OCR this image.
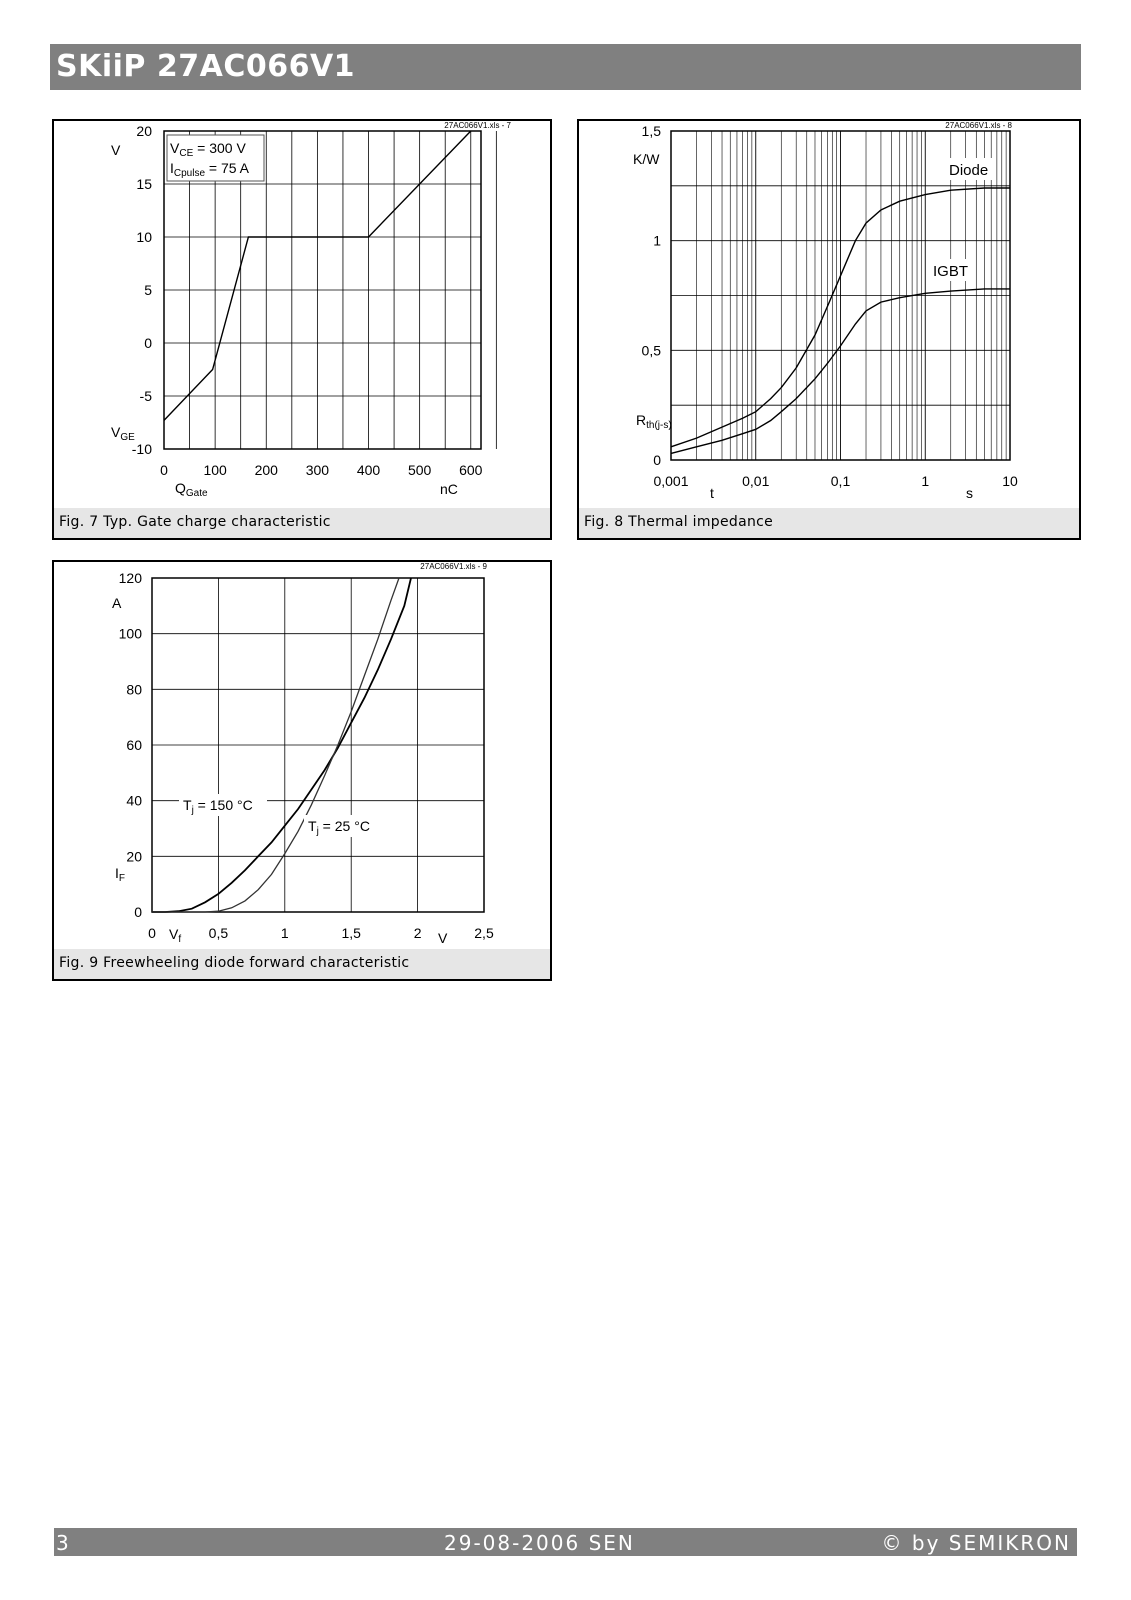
SKiiP 27AC066V1
27AC066V1.xls - 7
0	100 200 300 400 500 600
-10
-5
0
5
10
15
20
$V_{CE} = 300$ V
$I_{Cpulse} = 75$ A
V
$V_{GE}$
$Q_{Gate}$	nC
Fig. 7 Typ. Gate charge characteristic
27AC066V1.xls - 8
0,001	0,01	0,1	1	10
0
0,5
1
1,5
Diode
IGBT
K/W
$R_{th(j-s)}$
t	s
Fig. 8 Thermal impedance
27AC066V1.xls - 9
0	0,5	1	1,5	2	2,5
0
20
40
60
80
100
120
$T_j = 150$ °C
$T_j = 25$ °C
A
$I_F$
$V_f$	V
Fig. 9 Freewheeling diode forward characteristic
3	29-08-2006 SEN	© by SEMIKRON
